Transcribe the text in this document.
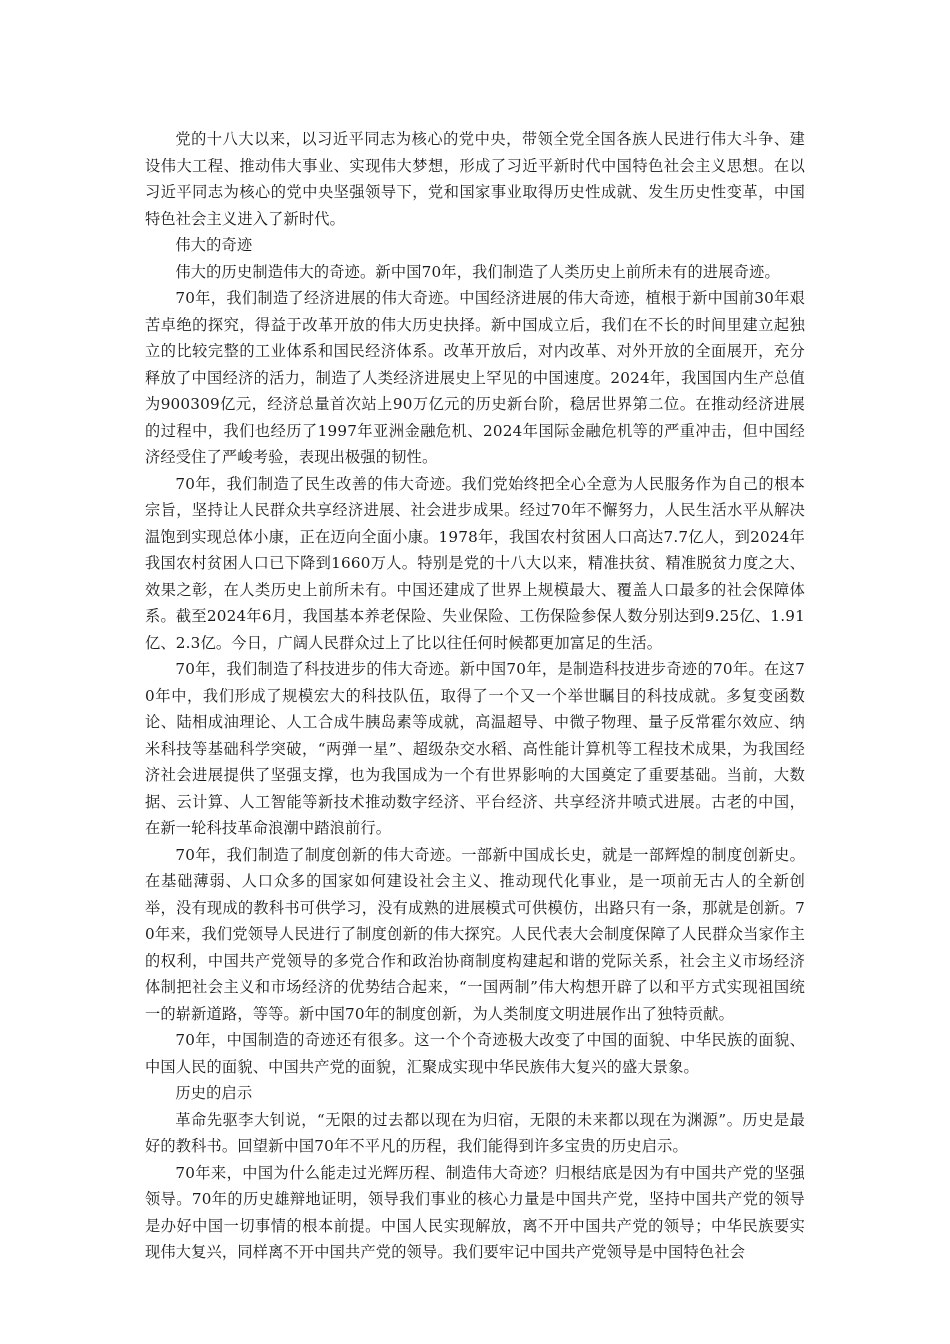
党的十八大以来，以习近平同志为核心的党中央，带领全党全国各族人民进行伟大斗争、建设伟大工程、推动伟大事业、实现伟大梦想，形成了习近平新时代中国特色社会主义思想。在以习近平同志为核心的党中央坚强领导下，党和国家事业取得历史性成就、发生历史性变革，中国特色社会主义进入了新时代。

伟大的奇迹

伟大的历史制造伟大的奇迹。新中国70年，我们制造了人类历史上前所未有的进展奇迹。

70年，我们制造了经济进展的伟大奇迹。中国经济进展的伟大奇迹，植根于新中国前30年艰苦卓绝的探究，得益于改革开放的伟大历史抉择。新中国成立后，我们在不长的时间里建立起独立的比较完整的工业体系和国民经济体系。改革开放后，对内改革、对外开放的全面展开，充分释放了中国经济的活力，制造了人类经济进展史上罕见的中国速度。2024年，我国国内生产总值为900309亿元，经济总量首次站上90万亿元的历史新台阶，稳居世界第二位。在推动经济进展的过程中，我们也经历了1997年亚洲金融危机、2024年国际金融危机等的严重冲击，但中国经济经受住了严峻考验，表现出极强的韧性。

70年，我们制造了民生改善的伟大奇迹。我们党始终把全心全意为人民服务作为自己的根本宗旨，坚持让人民群众共享经济进展、社会进步成果。经过70年不懈努力，人民生活水平从解决温饱到实现总体小康，正在迈向全面小康。1978年，我国农村贫困人口高达7.7亿人，到2024年我国农村贫困人口已下降到1660万人。特别是党的十八大以来，精准扶贫、精准脱贫力度之大、效果之彰，在人类历史上前所未有。中国还建成了世界上规模最大、覆盖人口最多的社会保障体系。截至2024年6月，我国基本养老保险、失业保险、工伤保险参保人数分别达到9.25亿、1.91亿、2.3亿。今日，广阔人民群众过上了比以往任何时候都更加富足的生活。

70年，我们制造了科技进步的伟大奇迹。新中国70年，是制造科技进步奇迹的70年。在这70年中，我们形成了规模宏大的科技队伍，取得了一个又一个举世瞩目的科技成就。多复变函数论、陆相成油理论、人工合成牛胰岛素等成就，高温超导、中微子物理、量子反常霍尔效应、纳米科技等基础科学突破，“两弹一星”、超级杂交水稻、高性能计算机等工程技术成果，为我国经济社会进展提供了坚强支撑，也为我国成为一个有世界影响的大国奠定了重要基础。当前，大数据、云计算、人工智能等新技术推动数字经济、平台经济、共享经济井喷式进展。古老的中国，在新一轮科技革命浪潮中踏浪前行。

70年，我们制造了制度创新的伟大奇迹。一部新中国成长史，就是一部辉煌的制度创新史。在基础薄弱、人口众多的国家如何建设社会主义、推动现代化事业，是一项前无古人的全新创举，没有现成的教科书可供学习，没有成熟的进展模式可供模仿，出路只有一条，那就是创新。70年来，我们党领导人民进行了制度创新的伟大探究。人民代表大会制度保障了人民群众当家作主的权利，中国共产党领导的多党合作和政治协商制度构建起和谐的党际关系，社会主义市场经济体制把社会主义和市场经济的优势结合起来，“一国两制”伟大构想开辟了以和平方式实现祖国统一的崭新道路，等等。新中国70年的制度创新，为人类制度文明进展作出了独特贡献。

70年，中国制造的奇迹还有很多。这一个个奇迹极大改变了中国的面貌、中华民族的面貌、中国人民的面貌、中国共产党的面貌，汇聚成实现中华民族伟大复兴的盛大景象。

历史的启示

革命先驱李大钊说，“无限的过去都以现在为归宿，无限的未来都以现在为渊源”。历史是最好的教科书。回望新中国70年不平凡的历程，我们能得到许多宝贵的历史启示。

70年来，中国为什么能走过光辉历程、制造伟大奇迹？归根结底是因为有中国共产党的坚强领导。70年的历史雄辩地证明，领导我们事业的核心力量是中国共产党，坚持中国共产党的领导是办好中国一切事情的根本前提。中国人民实现解放，离不开中国共产党的领导；中华民族要实现伟大复兴，同样离不开中国共产党的领导。我们要牢记中国共产党领导是中国特色社会
